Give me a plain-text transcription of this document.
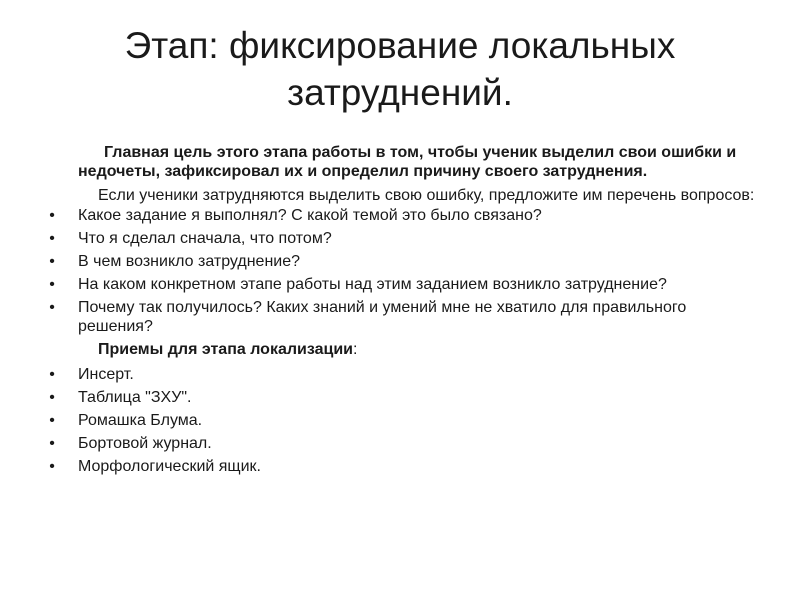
Этап: фиксирование локальных
затруднений.

Главная цель этого этапа работы в том, чтобы ученик выделил свои ошибки и недочеты, зафиксировал их и определил причину своего затруднения.

Если ученики затрудняются выделить свою ошибку, предложите им перечень вопросов:

• Какое задание я выполнял? С какой темой это было связано?
• Что я сделал сначала, что потом?
• В чем возникло затруднение?
• На каком конкретном этапе работы над этим заданием возникло затруднение?
• Почему так получилось? Каких знаний и умений мне не хватило для правильного решения?

Приемы для этапа локализации:

• Инсерт.
• Таблица "ЗХУ".
• Ромашка Блума.
• Бортовой журнал.
• Морфологический ящик.
